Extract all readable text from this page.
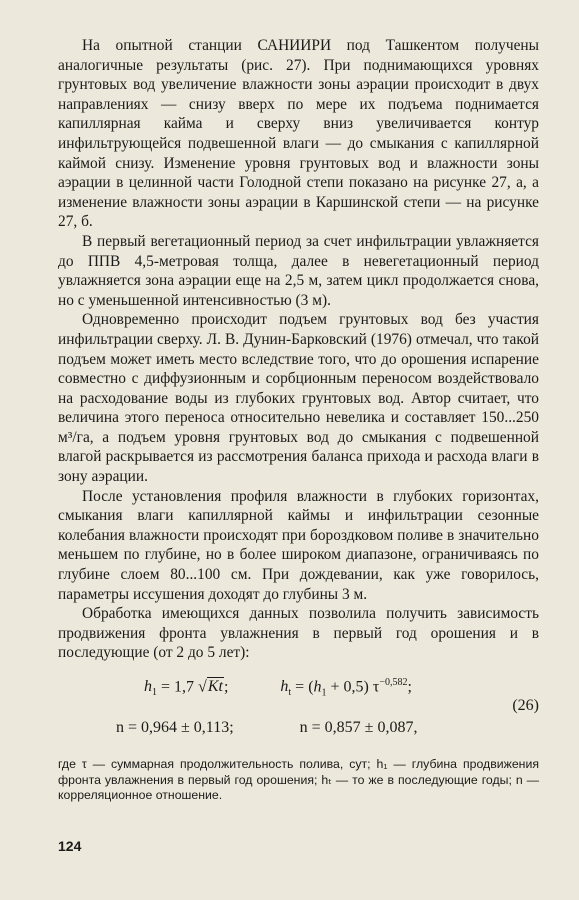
На опытной станции САНИИРИ под Ташкентом получены аналогичные результаты (рис. 27). При поднимающихся уровнях грунтовых вод увеличение влажности зоны аэрации происходит в двух направлениях — снизу вверх по мере их подъема поднимается капиллярная кайма и сверху вниз увеличивается контур инфильтрующейся подвешенной влаги — до смыкания с капиллярной каймой снизу. Изменение уровня грунтовых вод и влажности зоны аэрации в целинной части Голодной степи показано на рисунке 27, а, а изменение влажности зоны аэрации в Каршинской степи — на рисунке 27, б.

В первый вегетационный период за счет инфильтрации увлажняется до ППВ 4,5-метровая толща, далее в невегетационный период увлажняется зона аэрации еще на 2,5 м, затем цикл продолжается снова, но с уменьшенной интенсивностью (3 м).

Одновременно происходит подъем грунтовых вод без участия инфильтрации сверху. Л. В. Дунин-Барковский (1976) отмечал, что такой подъем может иметь место вследствие того, что до орошения испарение совместно с диффузионным и сорбционным переносом воздействовало на расходование воды из глубоких грунтовых вод. Автор считает, что величина этого переноса относительно невелика и составляет 150...250 м³/га, а подъем уровня грунтовых вод до смыкания с подвешенной влагой раскрывается из рассмотрения баланса прихода и расхода влаги в зону аэрации.

После установления профиля влажности в глубоких горизонтах, смыкания влаги капиллярной каймы и инфильтрации сезонные колебания влажности происходят при бороздковом поливе в значительно меньшем по глубине, но в более широком диапазоне, ограничиваясь по глубине слоем 80...100 см. При дождевании, как уже говорилось, параметры иссушения доходят до глубины 3 м.

Обработка имеющихся данных позволила получить зависимость продвижения фронта увлажнения в первый год орошения и в последующие (от 2 до 5 лет):

$h_1 = 1,7$ √Kt;	$h_t = (h_1 + 0,5)$ $\tau^{-0,582}$;
(26)
n = 0,964 ± 0,113;	n = 0,857 ± 0,087,

где τ — суммарная продолжительность полива, сут; h₁ — глубина продвижения фронта увлажнения в первый год орошения; hₜ — то же в последующие годы; n — корреляционное отношение.

124
